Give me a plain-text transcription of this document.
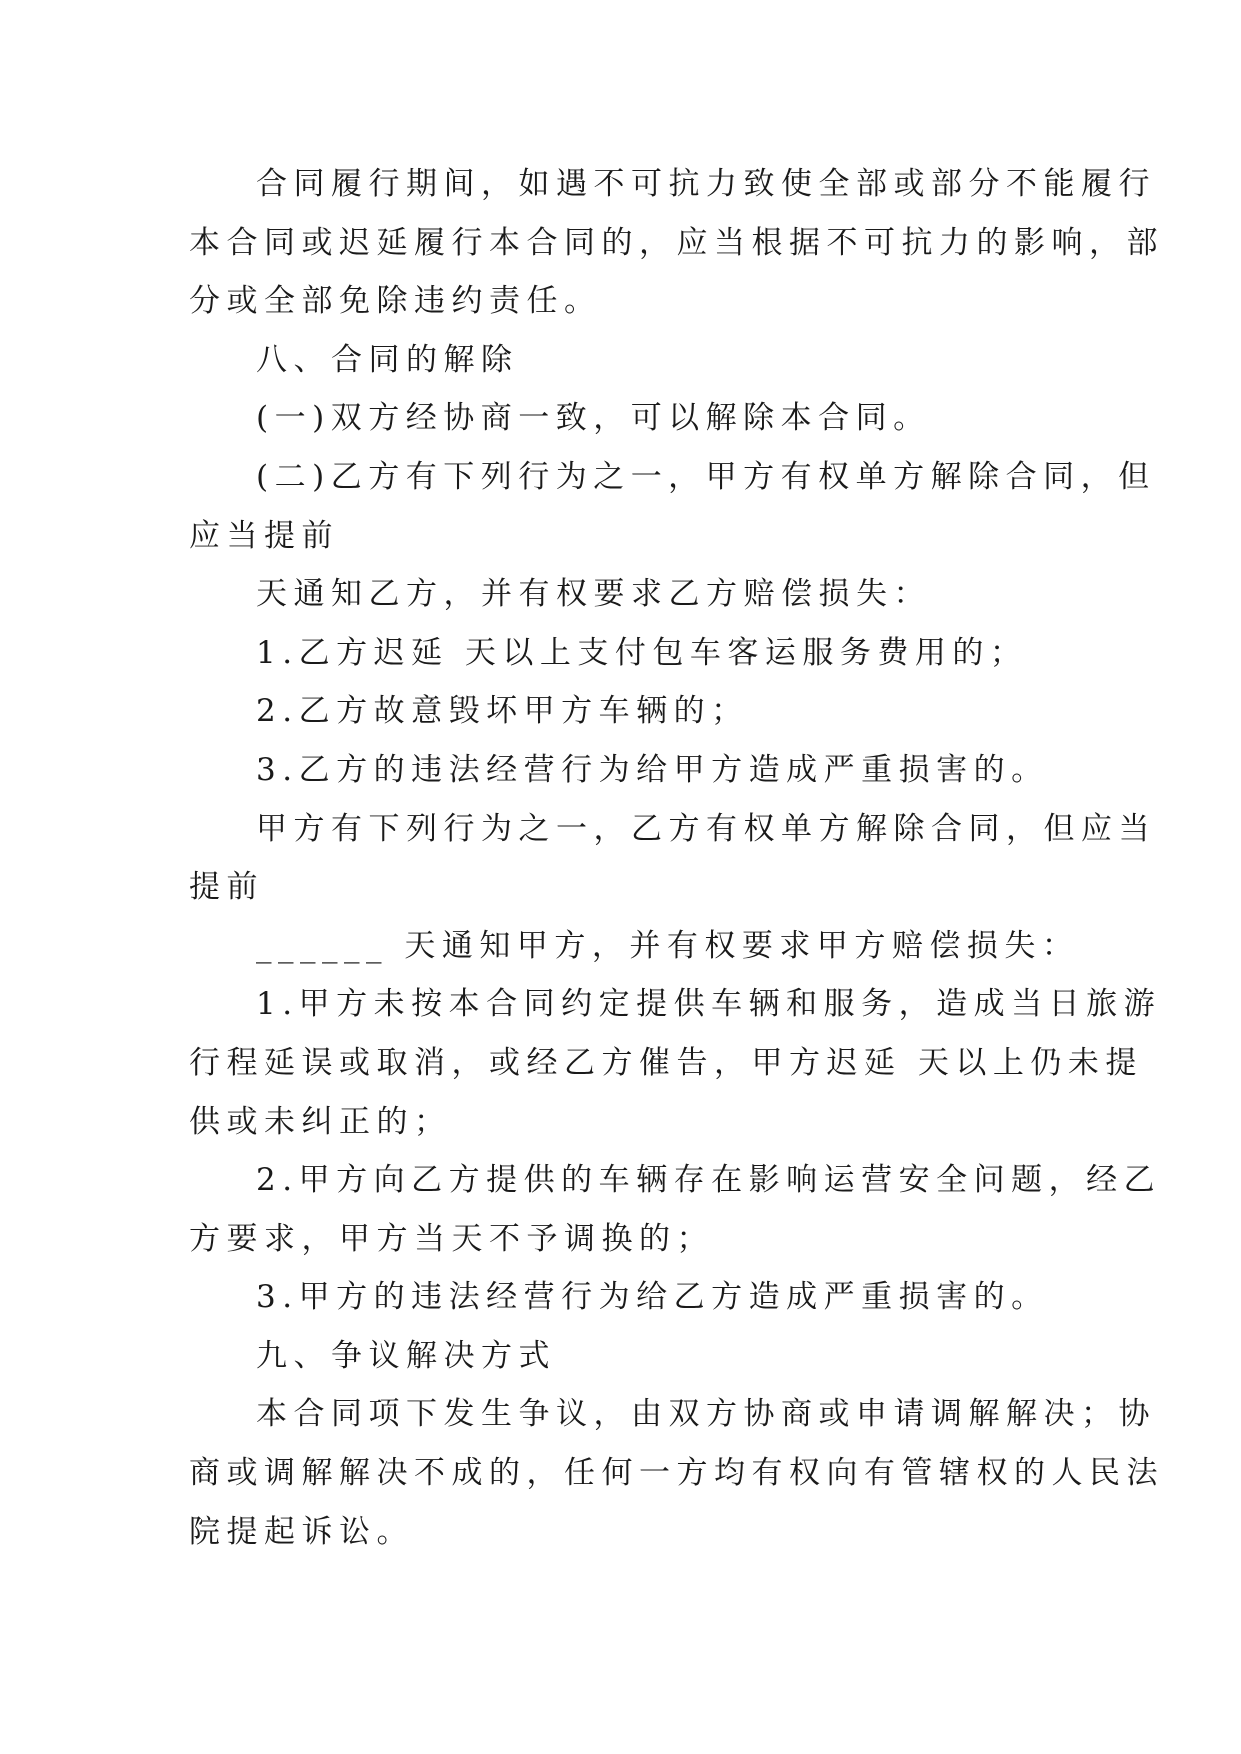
合同履行期间，如遇不可抗力致使全部或部分不能履行
本合同或迟延履行本合同的，应当根据不可抗力的影响，部
分或全部免除违约责任。
八、合同的解除
(一)双方经协商一致，可以解除本合同。
(二)乙方有下列行为之一，甲方有权单方解除合同，但
应当提前
天通知乙方，并有权要求乙方赔偿损失：
1.乙方迟延 天以上支付包车客运服务费用的；
2.乙方故意毁坏甲方车辆的；
3.乙方的违法经营行为给甲方造成严重损害的。
甲方有下列行为之一，乙方有权单方解除合同，但应当
提前
______ 天通知甲方，并有权要求甲方赔偿损失：
1.甲方未按本合同约定提供车辆和服务，造成当日旅游
行程延误或取消，或经乙方催告，甲方迟延 天以上仍未提
供或未纠正的；
2.甲方向乙方提供的车辆存在影响运营安全问题，经乙
方要求，甲方当天不予调换的；
3.甲方的违法经营行为给乙方造成严重损害的。
九、争议解决方式
本合同项下发生争议，由双方协商或申请调解解决；协
商或调解解决不成的，任何一方均有权向有管辖权的人民法
院提起诉讼。
